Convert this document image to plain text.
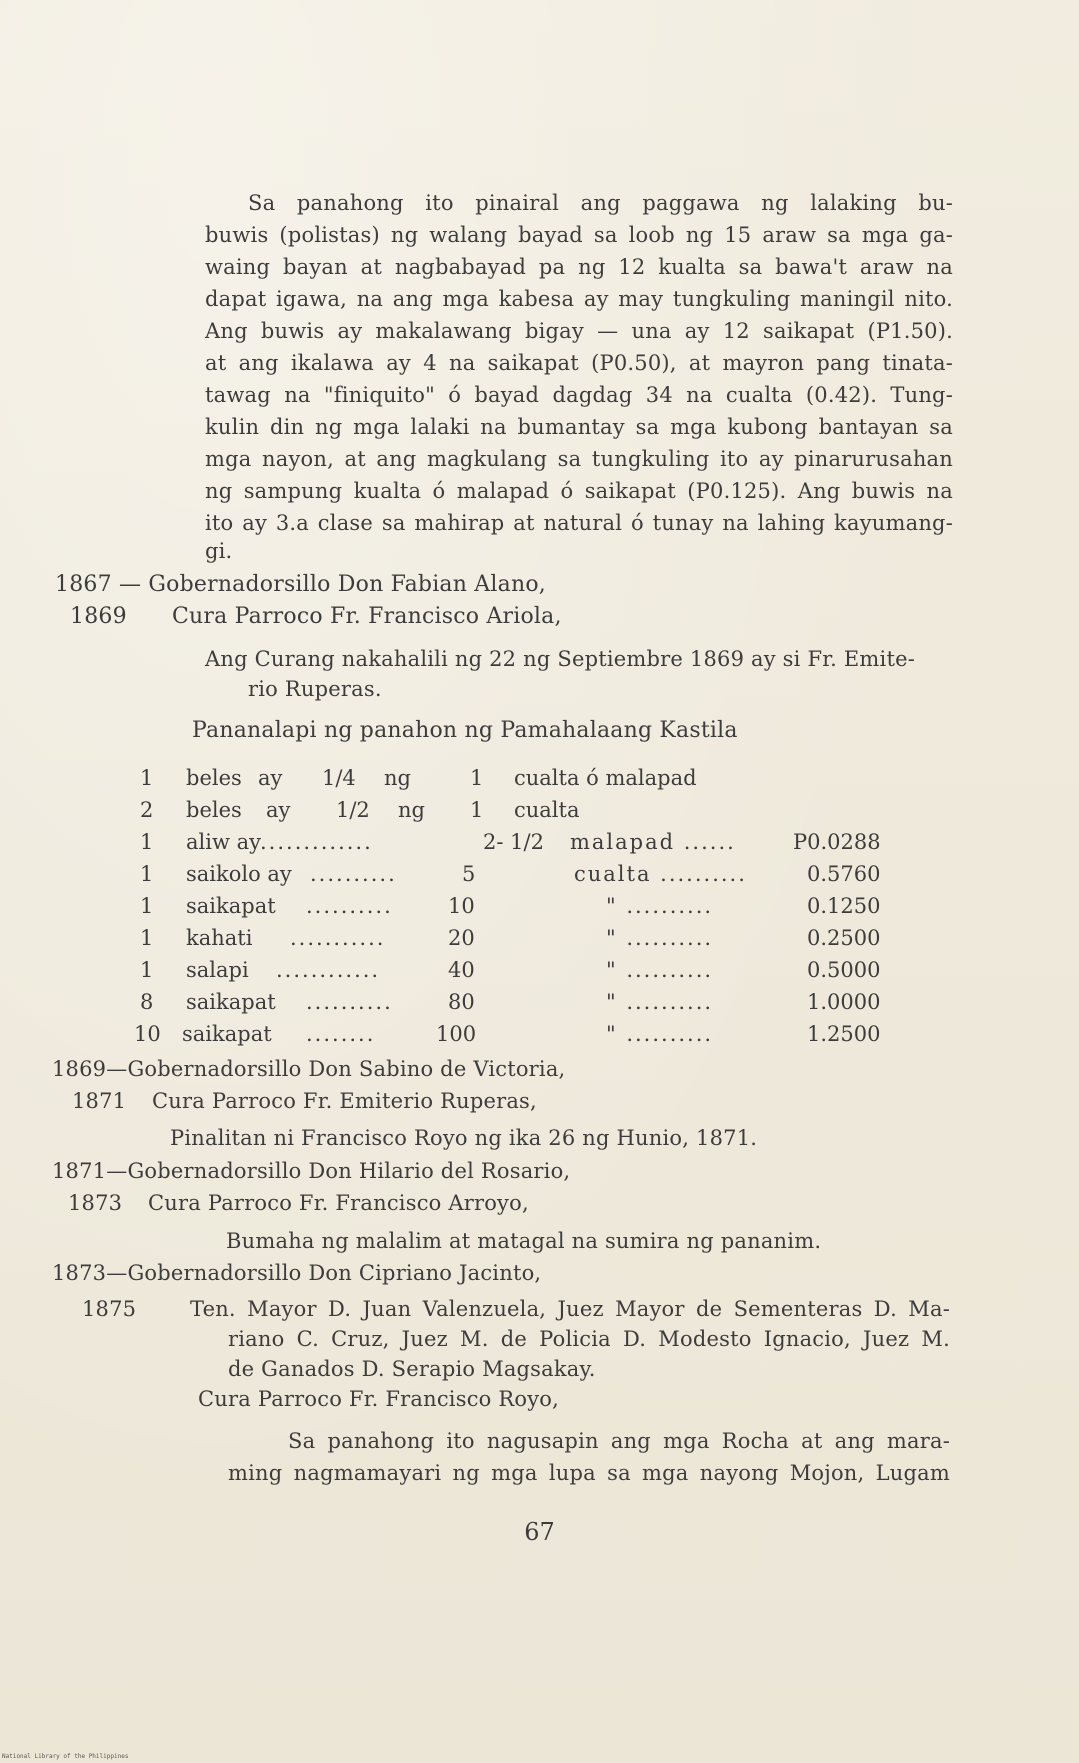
Sa panahong ito pinairal ang paggawa ng lalaking bu-
buwis (polistas) ng walang bayad sa loob ng 15 araw sa mga ga-
waing bayan at nagbabayad pa ng 12 kualta sa bawa't araw na
dapat igawa, na ang mga kabesa ay may tungkuling maningil nito.
Ang buwis ay makalawang bigay — una ay 12 saikapat (P1.50).
at ang ikalawa ay 4 na saikapat (P0.50), at mayron pang tinata-
tawag na "finiquito" ó bayad dagdag 34 na cualta (0.42). Tung-
kulin din ng mga lalaki na bumantay sa mga kubong bantayan sa
mga nayon, at ang magkulang sa tungkuling ito ay pinarurusahan
ng sampung kualta ó malapad ó saikapat (P0.125). Ang buwis na
ito ay 3.a clase sa mahirap at natural ó tunay na lahing kayumang-
gi.
1867 — Gobernadorsillo Don Fabian Alano,
1869 Cura Parroco Fr. Francisco Ariola,
Ang Curang nakahalili ng 22 ng Septiembre 1869 ay si Fr. Emite-
rio Ruperas.
Pananalapi ng panahon ng Pamahalaang Kastila
1 beles ay 1/4 ng	1 cualta ó malapad
2 beles ay 1/2 ng 1 cualta
1 aliw ay .............	2- 1/2 malapad ......	P0.0288
1 saikolo ay ..........	5	cualta ..........	0.5760
1 saikapat ..........	10	" ..........	0.1250
1 kahati ...........	20	" ..........	0.2500
1 salapi ............	40	" ..........	0.5000
8 saikapat ..........	80	" ..........	1.0000
10 saikapat ........	100	" ..........	1.2500
1869—Gobernadorsillo Don Sabino de Victoria,
1871 Cura Parroco Fr. Emiterio Ruperas,
Pinalitan ni Francisco Royo ng ika 26 ng Hunio, 1871.
1871—Gobernadorsillo Don Hilario del Rosario,
1873 Cura Parroco Fr. Francisco Arroyo,
Bumaha ng malalim at matagal na sumira ng pananim.
1873—Gobernadorsillo Don Cipriano Jacinto,
1875	Ten. Mayor D. Juan Valenzuela, Juez Mayor de Sementeras D. Ma-
riano C. Cruz, Juez M. de Policia D. Modesto Ignacio, Juez M.
de Ganados D. Serapio Magsakay.
Cura Parroco Fr. Francisco Royo,
Sa panahong ito nagusapin ang mga Rocha at ang mara-
ming nagmamayari ng mga lupa sa mga nayong Mojon, Lugam
67
National Library of the Philippines
